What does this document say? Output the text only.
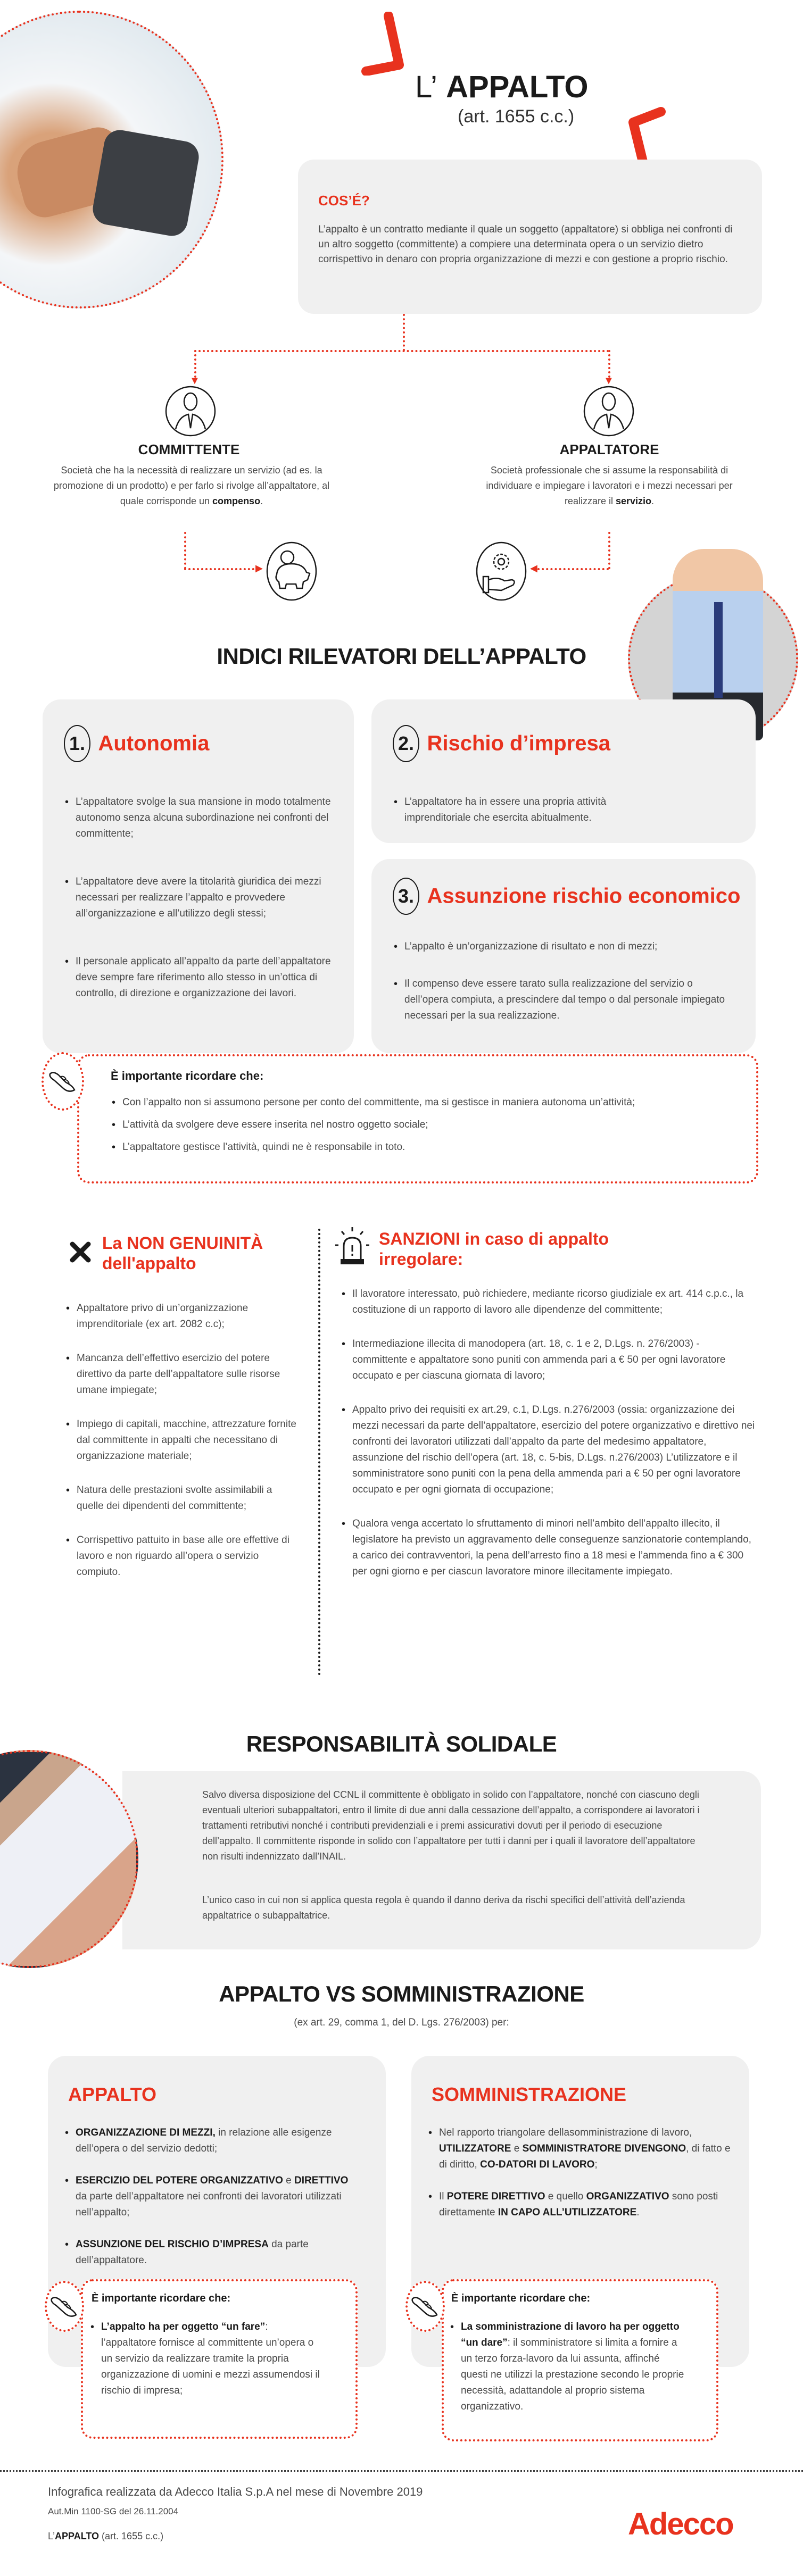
L’ APPALTO
(art. 1655 c.c.)
COS’É?
L’appalto è un contratto mediante il quale un soggetto (appaltatore) si obbliga nei confronti di un altro soggetto (committente) a compiere una determinata opera o un servizio dietro corrispettivo in denaro con propria organizzazione di mezzi e con gestione a proprio rischio.
▼	▼
COMMITTENTE
Società che ha la necessità di realizzare un servizio (ad es. la promozione di un prodotto) e per farlo si rivolge all’appaltatore, al quale corrisponde un compenso.
APPALTATORE
Società professionale che si assume la responsabilità di individuare e impiegare i lavoratori e i mezzi necessari per realizzare il servizio.
▶	◀
INDICI RILEVATORI DELL’APPALTO
1. Autonomia
• L’appaltatore svolge la sua mansione in modo totalmente autonomo senza alcuna subordinazione nei confronti del committente;
• L’appaltatore deve avere la titolarità giuridica dei mezzi necessari per realizzare l’appalto e provvedere all’organizzazione e all’utilizzo degli stessi;
• Il personale applicato all’appalto da parte dell’appaltatore deve sempre fare riferimento allo stesso in un’ottica di controllo, di direzione e organizzazione dei lavori.
2. Rischio d’impresa
• L’appaltatore ha in essere una propria attività imprenditoriale che esercita abitualmente.
3. Assunzione rischio economico
• L’appalto è un’organizzazione di risultato e non di mezzi;
• Il compenso deve essere tarato sulla realizzazione del servizio o dell’opera compiuta, a prescindere dal tempo o dal personale impiegato necessari per la sua realizzazione.
È importante ricordare che:
• Con l’appalto non si assumono persone per conto del committente, ma si gestisce in maniera autonoma un’attività;
• L’attività da svolgere deve essere inserita nel nostro oggetto sociale;
• L’appaltatore gestisce l’attività, quindi ne è responsabile in toto.
La NON GENUINITÀ
dell'appalto
• Appaltatore privo di un’organizzazione imprenditoriale (ex art. 2082 c.c);
• Mancanza dell’effettivo esercizio del potere direttivo da parte dell’appaltatore sulle risorse umane impiegate;
• Impiego di capitali, macchine, attrezzature fornite dal committente in appalti che necessitano di organizzazione materiale;
• Natura delle prestazioni svolte assimilabili a quelle dei dipendenti del committente;
• Corrispettivo pattuito in base alle ore effettive di lavoro e non riguardo all’opera o servizio compiuto.
SANZIONI in caso di appalto
irregolare:
• Il lavoratore interessato, può richiedere, mediante ricorso giudiziale ex art. 414 c.p.c., la costituzione di un rapporto di lavoro alle dipendenze del committente;
• Intermediazione illecita di manodopera (art. 18, c. 1 e 2, D.Lgs. n. 276/2003) - committente e appaltatore sono puniti con ammenda pari a € 50 per ogni lavoratore occupato e per ciascuna giornata di lavoro;
• Appalto privo dei requisiti ex art.29, c.1, D.Lgs. n.276/2003 (ossia: organizzazione dei mezzi necessari da parte dell’appaltatore, esercizio del potere organizzativo e direttivo nei confronti dei lavoratori utilizzati dall’appalto da parte del medesimo appaltatore, assunzione del rischio dell’opera (art. 18, c. 5-bis, D.Lgs. n.276/2003) L’utilizzatore e il somministratore sono puniti con la pena della ammenda pari a € 50 per ogni lavoratore occupato e per ogni giornata di occupazione;
• Qualora venga accertato lo sfruttamento di minori nell’ambito dell’appalto illecito, il legislatore ha previsto un aggravamento delle conseguenze sanzionatorie contemplando, a carico dei contravventori, la pena dell’arresto fino a 18 mesi e l’ammenda fino a € 300 per ogni giorno e per ciascun lavoratore minore illecitamente impiegato.
RESPONSABILITÀ SOLIDALE
Salvo diversa disposizione del CCNL il committente è obbligato in solido con l’appaltatore, nonché con ciascuno degli eventuali ulteriori subappaltatori, entro il limite di due anni dalla cessazione dell’appalto, a corrispondere ai lavoratori i trattamenti retributivi nonché i contributi previdenziali e i premi assicurativi dovuti per il periodo di esecuzione dell’appalto. Il committente risponde in solido con l’appaltatore per tutti i danni per i quali il lavoratore dell’appaltatore non risulti indennizzato dall’INAIL.
L’unico caso in cui non si applica questa regola è quando il danno deriva da rischi specifici dell’attività dell’azienda appaltatrice o subappaltatrice.
APPALTO VS SOMMINISTRAZIONE
(ex art. 29, comma 1, del D. Lgs. 276/2003) per:
APPALTO
• ORGANIZZAZIONE DI MEZZI, in relazione alle esigenze dell’opera o del servizio dedotti;
• ESERCIZIO DEL POTERE ORGANIZZATIVO e DIRETTIVO da parte dell’appaltatore nei confronti dei lavoratori utilizzati nell’appalto;
• ASSUNZIONE DEL RISCHIO D’IMPRESA da parte dell’appaltatore.
SOMMINISTRAZIONE
• Nel rapporto triangolare dellasomministrazione di lavoro, UTILIZZATORE e SOMMINISTRATORE DIVENGONO, di fatto e di diritto, CO-DATORI DI LAVORO;
• Il POTERE DIRETTIVO e quello ORGANIZZATIVO sono posti direttamente IN CAPO ALL’UTILIZZATORE.
È importante ricordare che:
• L’appalto ha per oggetto “un fare”: l’appaltatore fornisce al committente un’opera o un servizio da realizzare tramite la propria organizzazione di uomini e mezzi assumendosi il rischio di impresa;
È importante ricordare che:
• La somministrazione di lavoro ha per oggetto “un dare”: il somministratore si limita a fornire a un terzo forza-lavoro da lui assunta, affinché questi ne utilizzi la prestazione secondo le proprie necessità, adattandole al proprio sistema organizzativo.
Infografica realizzata da Adecco Italia S.p.A nel mese di Novembre 2019
Aut.Min 1100-SG del 26.11.2004
L’APPALTO (art. 1655 c.c.)	Adecco
